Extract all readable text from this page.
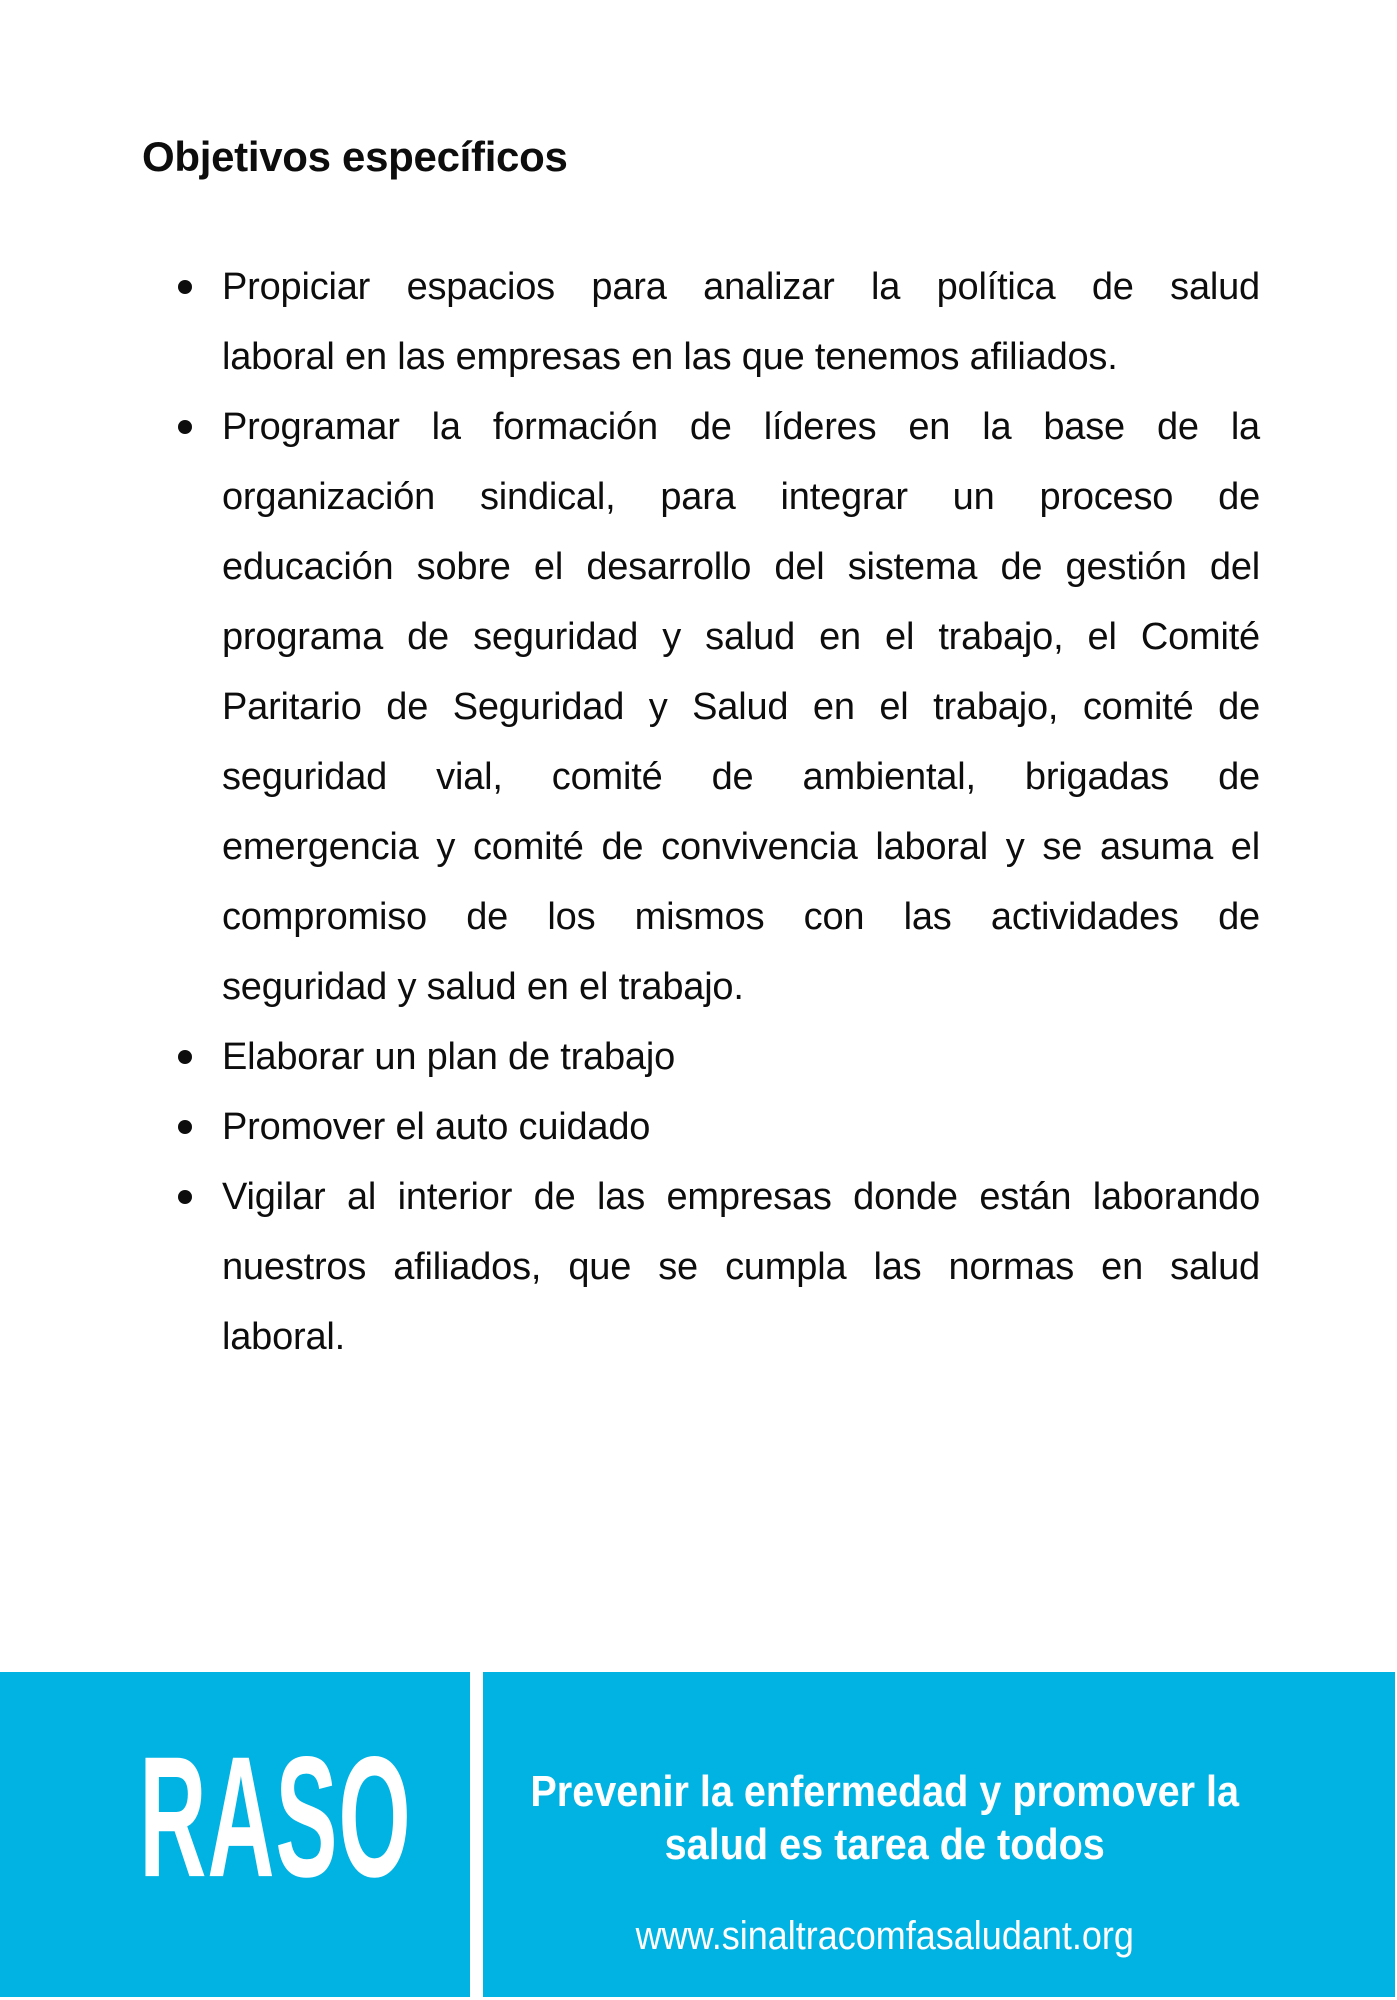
Objetivos específicos
Propiciar espacios para analizar la política de salud
laboral en las empresas en las que tenemos afiliados.
Programar la formación de líderes en la base de la
organización sindical, para integrar un proceso de
educación sobre el desarrollo del sistema de gestión del
programa de seguridad y salud en el trabajo, el Comité
Paritario de Seguridad y Salud en el trabajo, comité de
seguridad vial, comité de ambiental, brigadas de
emergencia y comité de convivencia laboral y se asuma el
compromiso de los mismos con las actividades de
seguridad y salud en el trabajo.
Elaborar un plan de trabajo
Promover el auto cuidado
Vigilar al interior de las empresas donde están laborando
nuestros afiliados, que se cumpla las normas en salud
laboral.
RASO	Prevenir la enfermedad y promover la
salud es tarea de todos
www.sinaltracomfasaludant.org
